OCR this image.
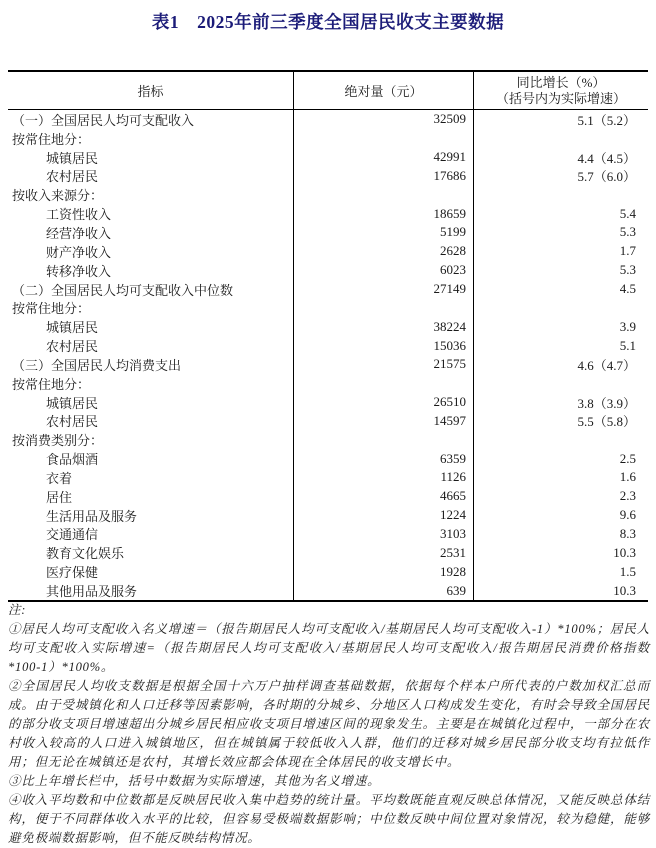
表1　2025年前三季度全国居民收支主要数据
指标	绝对量（元）
同比增长（%）
（括号内为实际增速）
（一）全国居民人均可支配收入	32509	5.1（5.2）
按常住地分：
城镇居民	42991	4.4（4.5）
农村居民	17686	5.7（6.0）
按收入来源分：
工资性收入	18659	5.4
经营净收入	5199	5.3
财产净收入	2628	1.7
转移净收入	6023	5.3
（二）全国居民人均可支配收入中位数	27149	4.5
按常住地分：
城镇居民	38224	3.9
农村居民	15036	5.1
（三）全国居民人均消费支出	21575	4.6（4.7）
按常住地分：
城镇居民	26510	3.8（3.9）
农村居民	14597	5.5（5.8）
按消费类别分：
食品烟酒	6359	2.5
衣着	1126	1.6
居住	4665	2.3
生活用品及服务	1224	9.6
交通通信	3103	8.3
教育文化娱乐	2531	10.3
医疗保健	1928	1.5
其他用品及服务	639	10.3

注:

①居民人均可支配收入名义增速＝（报告期居民人均可支配收入/基期居民人均可支配收入-1）*100%；居民人均可支配收入实际增速=（报告期居民人均可支配收入/基期居民人均可支配收入/报告期居民消费价格指数*100-1）*100%。

②全国居民人均收支数据是根据全国十六万户抽样调查基础数据，依据每个样本户所代表的户数加权汇总而成。由于受城镇化和人口迁移等因素影响，各时期的分城乡、分地区人口构成发生变化，有时会导致全国居民的部分收支项目增速超出分城乡居民相应收支项目增速区间的现象发生。主要是在城镇化过程中，一部分在农村收入较高的人口进入城镇地区，但在城镇属于较低收入人群，他们的迁移对城乡居民部分收支均有拉低作用；但无论在城镇还是农村，其增长效应都会体现在全体居民的收支增长中。

③比上年增长栏中，括号中数据为实际增速，其他为名义增速。

④收入平均数和中位数都是反映居民收入集中趋势的统计量。平均数既能直观反映总体情况，又能反映总体结构，便于不同群体收入水平的比较，但容易受极端数据影响；中位数反映中间位置对象情况，较为稳健，能够避免极端数据影响，但不能反映结构情况。
